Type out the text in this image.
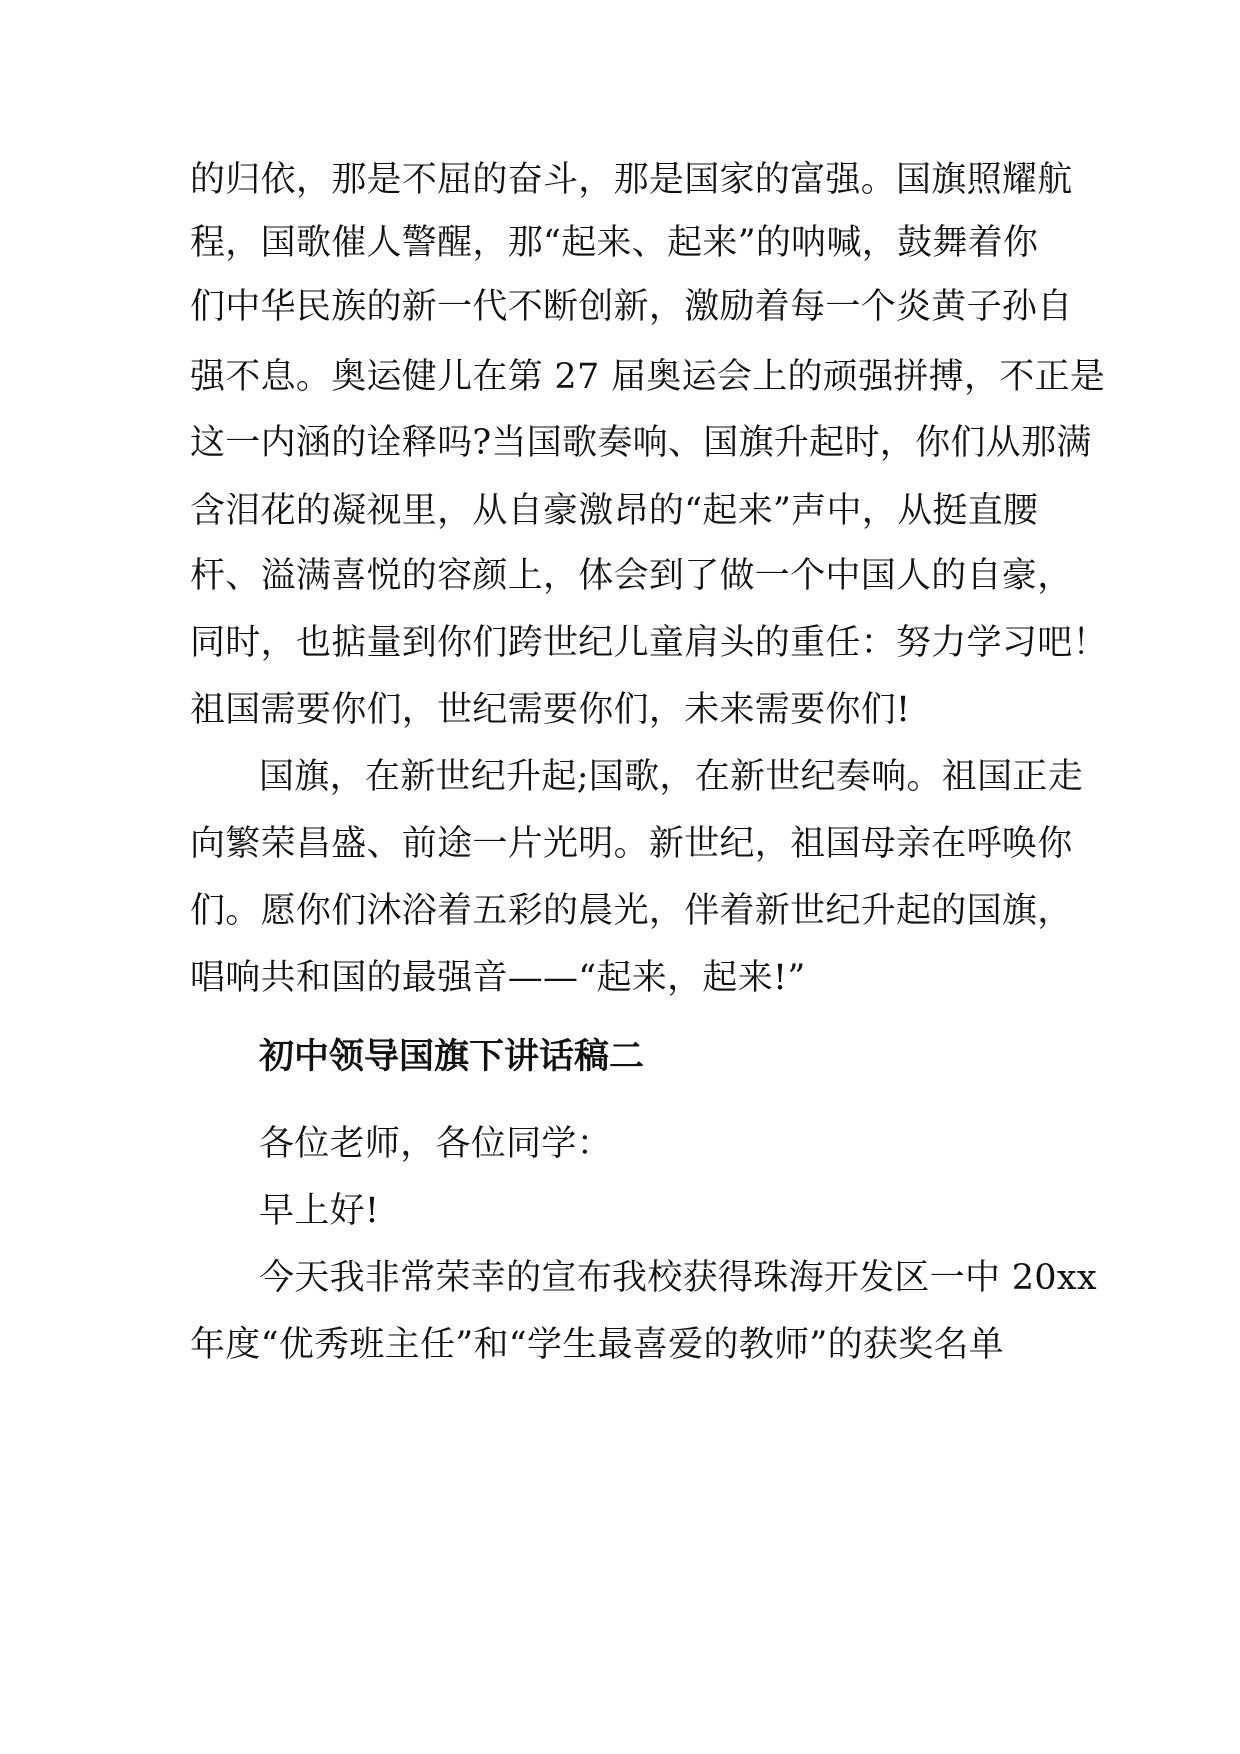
的归依，那是不屈的奋斗，那是国家的富强。国旗照耀航
程，国歌催人警醒，那“起来、起来”的呐喊，鼓舞着你
们中华民族的新一代不断创新，激励着每一个炎黄子孙自
强不息。奥运健儿在第 27 届奥运会上的顽强拼搏，不正是
这一内涵的诠释吗?当国歌奏响、国旗升起时，你们从那满
含泪花的凝视里，从自豪激昂的“起来”声中，从挺直腰
杆、溢满喜悦的容颜上，体会到了做一个中国人的自豪，
同时，也掂量到你们跨世纪儿童肩头的重任：努力学习吧！
祖国需要你们，世纪需要你们，未来需要你们!
国旗，在新世纪升起;国歌，在新世纪奏响。祖国正走
向繁荣昌盛、前途一片光明。新世纪，祖国母亲在呼唤你
们。愿你们沐浴着五彩的晨光，伴着新世纪升起的国旗，
唱响共和国的最强音——“起来，起来!”
初中领导国旗下讲话稿二
各位老师，各位同学：
早上好!
今天我非常荣幸的宣布我校获得珠海开发区一中 20xx
年度“优秀班主任”和“学生最喜爱的教师”的获奖名单
